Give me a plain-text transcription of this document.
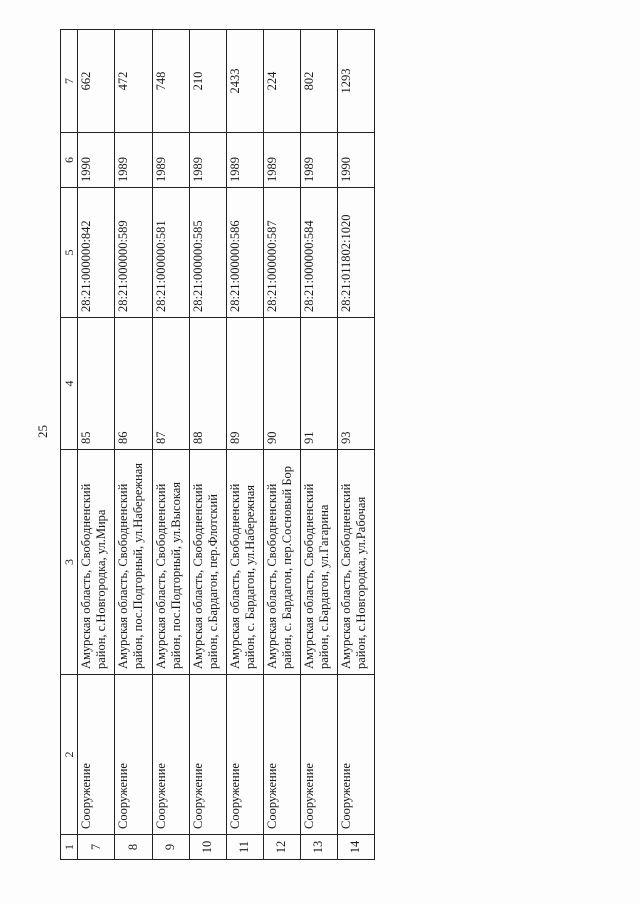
25
1	2	3	4	5	6	7
7	Сооружение	Амурская область, Свободненский район, с.Новгородка, ул.Мира	85	28:21:000000:842	1990	662
8	Сооружение	Амурская область, Свободненский район, пос.Подгорный, ул.Набережная	86	28:21:000000:589	1989	472
9	Сооружение	Амурская область, Свободненский район, пос.Подгорный, ул.Высокая	87	28:21:000000:581	1989	748
10	Сооружение	Амурская область, Свободненский район, с.Бардагон, пер.Флотский	88	28:21:000000:585	1989	210
11	Сооружение	Амурская область, Свободненский район, с. Бардагон, ул.Набережная	89	28:21:000000:586	1989	2433
12	Сооружение	Амурская область, Свободненский район, с. Бардагон, пер.Сосновый Бор	90	28:21:000000:587	1989	224
13	Сооружение	Амурская область, Свободненский район, с.Бардагон, ул.Гагарина	91	28:21:000000:584	1989	802
14	Сооружение	Амурская область, Свободненский район, с.Новгородка, ул.Рабочая	93	28:21:011802:1020	1990	1293
